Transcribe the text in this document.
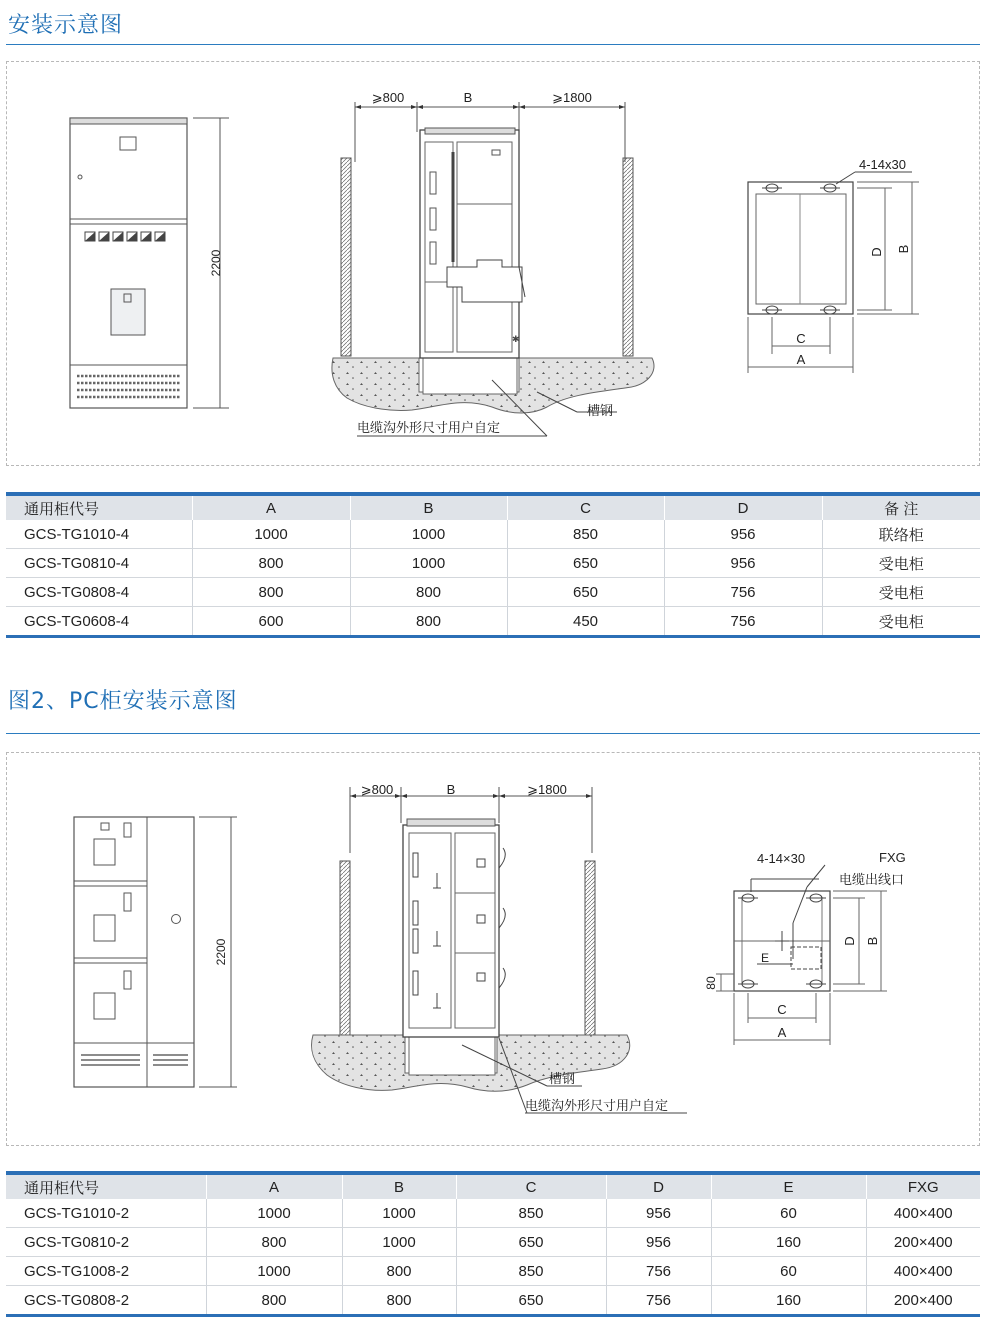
安装示意图
2200
⩾800	B	⩾1800
✱
槽钢
电缆沟外形尺寸用户自定
4-14x30
D B
C
A
通用柜代号	A	B	C	D	备 注
GCS-TG1010-4	1000	1000	850	956	联络柜
GCS-TG0810-4	800	1000	650	956	受电柜
GCS-TG0808-4	800	800	650	756	受电柜
GCS-TG0608-4	600	800	450	756	受电柜
图2、PC柜安装示意图
2200
⩾800	B	⩾1800
槽钢
电缆沟外形尺寸用户自定
E
4-14×30	FXG
电缆出线口
D B
80
C
A
通用柜代号	A	B	C	D	E	FXG
GCS-TG1010-2	1000	1000	850	956	60	400×400
GCS-TG0810-2	800	1000	650	956	160	200×400
GCS-TG1008-2	1000	800	850	756	60	400×400
GCS-TG0808-2	800	800	650	756	160	200×400
